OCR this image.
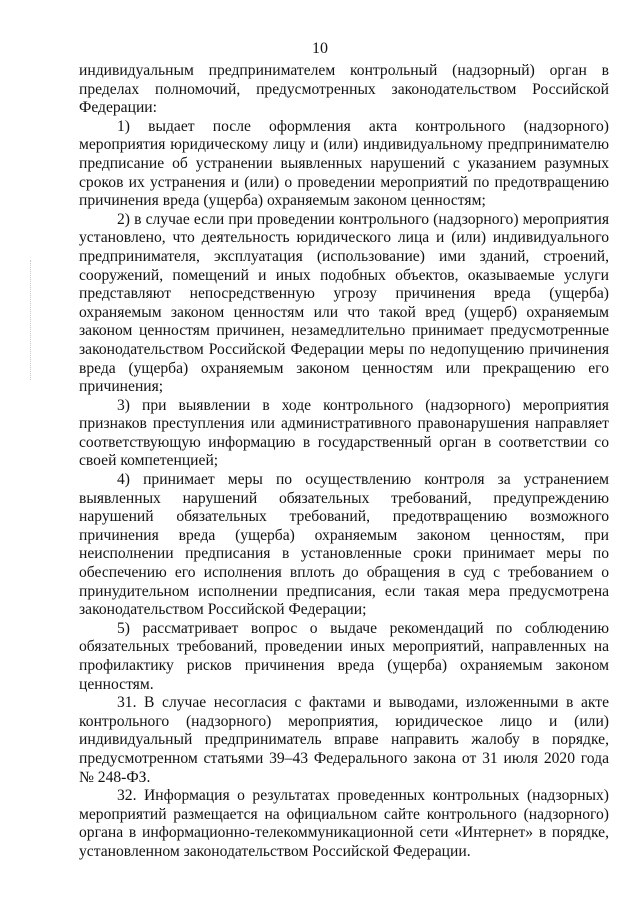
10

индивидуальным предпринимателем контрольный (надзорный) орган в пределах полномочий, предусмотренных законодательством Российской Федерации:

1) выдает после оформления акта контрольного (надзорного) мероприятия юридическому лицу и (или) индивидуальному предпринимателю предписание об устранении выявленных нарушений с указанием разумных сроков их устранения и (или) о проведении мероприятий по предотвращению причинения вреда (ущерба) охраняемым законом ценностям;

2) в случае если при проведении контрольного (надзорного) мероприятия установлено, что деятельность юридического лица и (или) индивидуального предпринимателя, эксплуатация (использование) ими зданий, строений, сооружений, помещений и иных подобных объектов, оказываемые услуги представляют непосредственную угрозу причинения вреда (ущерба) охраняемым законом ценностям или что такой вред (ущерб) охраняемым законом ценностям причинен, незамедлительно принимает предусмотренные законодательством Российской Федерации меры по недопущению причинения вреда (ущерба) охраняемым законом ценностям или прекращению его причинения;

3) при выявлении в ходе контрольного (надзорного) мероприятия признаков преступления или административного правонарушения направляет соответствующую информацию в государственный орган в соответствии со своей компетенцией;

4) принимает меры по осуществлению контроля за устранением выявленных нарушений обязательных требований, предупреждению нарушений обязательных требований, предотвращению возможного причинения вреда (ущерба) охраняемым законом ценностям, при неисполнении предписания в установленные сроки принимает меры по обеспечению его исполнения вплоть до обращения в суд с требованием о принудительном исполнении предписания, если такая мера предусмотрена законодательством Российской Федерации;

5) рассматривает вопрос о выдаче рекомендаций по соблюдению обязательных требований, проведении иных мероприятий, направленных на профилактику рисков причинения вреда (ущерба) охраняемым законом ценностям.

31. В случае несогласия с фактами и выводами, изложенными в акте контрольного (надзорного) мероприятия, юридическое лицо и (или) индивидуальный предприниматель вправе направить жалобу в порядке, предусмотренном статьями 39–43 Федерального закона от 31 июля 2020 года № 248-ФЗ.

32. Информация о результатах проведенных контрольных (надзорных) мероприятий размещается на официальном сайте контрольного (надзорного) органа в информационно-телекоммуникационной сети «Интернет» в порядке, установленном законодательством Российской Федерации.
